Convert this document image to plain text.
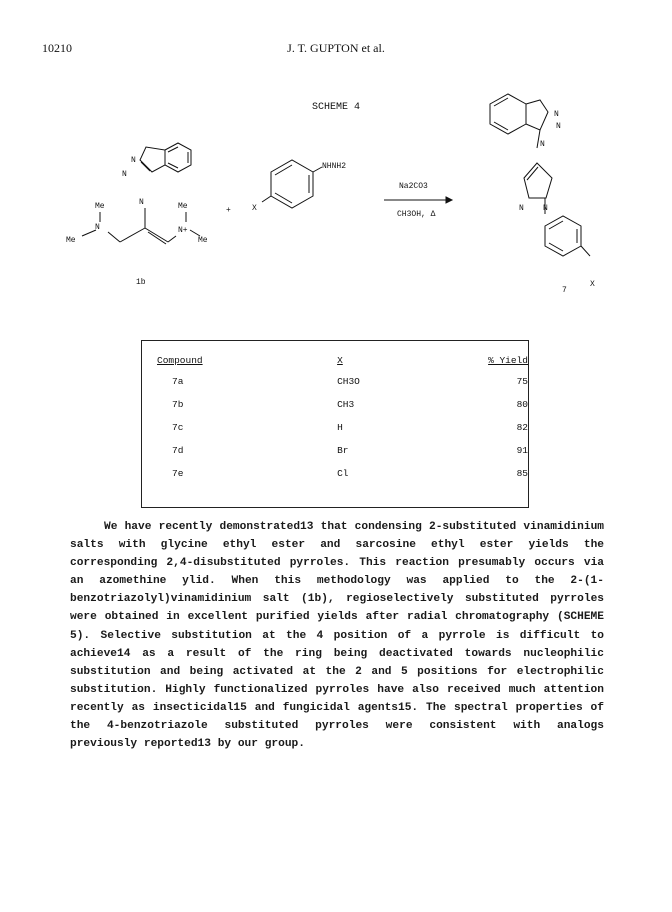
10210	J. T. GUPTON et al.
SCHEME 4
N
N
N
Me
N
Me
Me
N+
Me
1b
+
NHNH2
X
Na2CO3
CH3OH, Δ
N
N
N
N N
X
7
Compound	X	% Yield
7a	CH3O	75
7b	CH3	80
7c	H	82
7d	Br	91
7e	Cl	85

We have recently demonstrated13 that condensing 2-substituted vinamidinium salts with glycine ethyl ester and sarcosine ethyl ester yields the corresponding 2,4-disubstituted pyrroles. This reaction presumably occurs via an azomethine ylid. When this methodology was applied to the 2-(1-benzotriazolyl)vinamidinium salt (1b), regioselectively substituted pyrroles were obtained in excellent purified yields after radial chromatography (SCHEME 5). Selective substitution at the 4 position of a pyrrole is difficult to achieve14 as a result of the ring being deactivated towards nucleophilic substitution and being activated at the 2 and 5 positions for electrophilic substitution. Highly functionalized pyrroles have also received much attention recently as insecticidal15 and fungicidal agents15. The spectral properties of the 4-benzotriazole substituted pyrroles were consistent with analogs previously reported13 by our group.
